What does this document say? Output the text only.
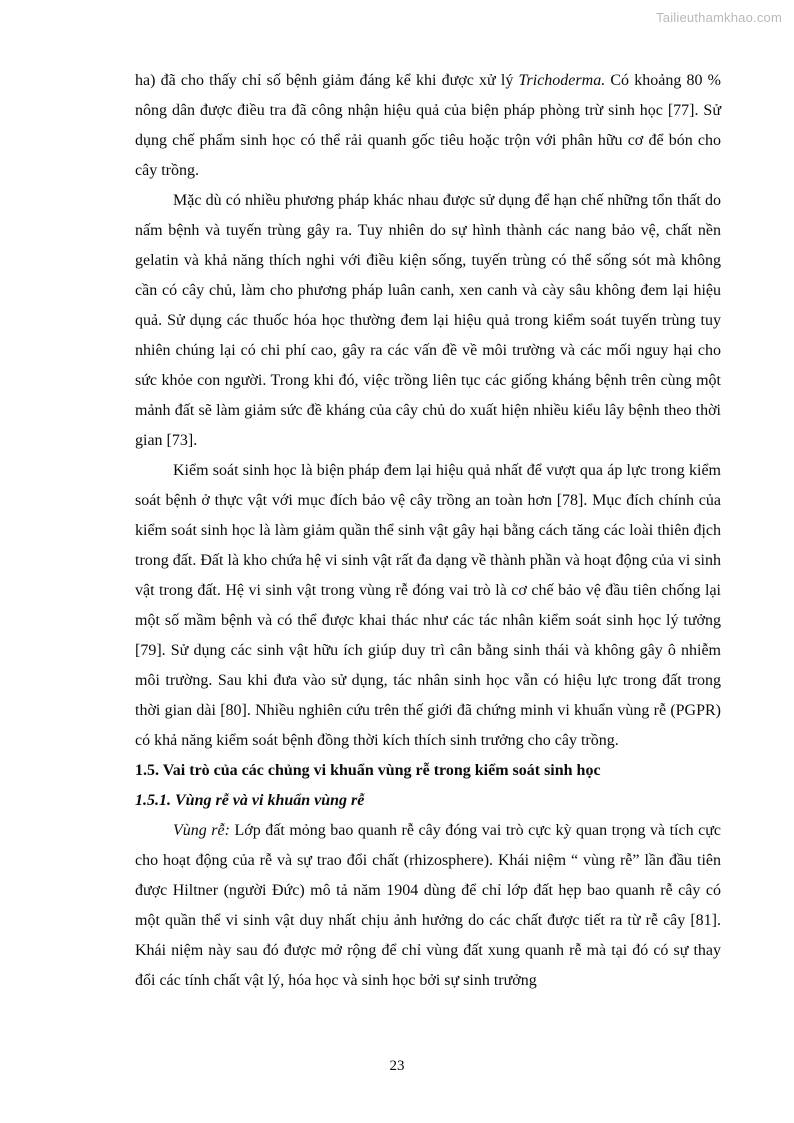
Tailieuthamkhao.com

ha) đã cho thấy chỉ số bệnh giảm đáng kể khi được xử lý Trichoderma. Có khoảng 80 % nông dân được điều tra đã công nhận hiệu quả của biện pháp phòng trừ sinh học [77]. Sử dụng chế phẩm sinh học có thể rải quanh gốc tiêu hoặc trộn với phân hữu cơ để bón cho cây trồng.

Mặc dù có nhiều phương pháp khác nhau được sử dụng để hạn chế những tổn thất do nấm bệnh và tuyến trùng gây ra. Tuy nhiên do sự hình thành các nang bảo vệ, chất nền gelatin và khả năng thích nghi với điều kiện sống, tuyến trùng có thể sống sót mà không cần có cây chủ, làm cho phương pháp luân canh, xen canh và cày sâu không đem lại hiệu quả. Sử dụng các thuốc hóa học thường đem lại hiệu quả trong kiểm soát tuyến trùng tuy nhiên chúng lại có chi phí cao, gây ra các vấn đề về môi trường và các mối nguy hại cho sức khỏe con người. Trong khi đó, việc trồng liên tục các giống kháng bệnh trên cùng một mảnh đất sẽ làm giảm sức đề kháng của cây chủ do xuất hiện nhiều kiểu lây bệnh theo thời gian [73].

Kiểm soát sinh học là biện pháp đem lại hiệu quả nhất để vượt qua áp lực trong kiểm soát bệnh ở thực vật với mục đích bảo vệ cây trồng an toàn hơn [78]. Mục đích chính của kiểm soát sinh học là làm giảm quần thể sinh vật gây hại bằng cách tăng các loài thiên địch trong đất. Đất là kho chứa hệ vi sinh vật rất đa dạng về thành phần và hoạt động của vi sinh vật trong đất. Hệ vi sinh vật trong vùng rễ đóng vai trò là cơ chế bảo vệ đầu tiên chống lại một số mầm bệnh và có thể được khai thác như các tác nhân kiểm soát sinh học lý tưởng [79]. Sử dụng các sinh vật hữu ích giúp duy trì cân bằng sinh thái và không gây ô nhiễm môi trường. Sau khi đưa vào sử dụng, tác nhân sinh học vẫn có hiệu lực trong đất trong thời gian dài [80]. Nhiều nghiên cứu trên thế giới đã chứng minh vi khuẩn vùng rễ (PGPR) có khả năng kiểm soát bệnh đồng thời kích thích sinh trưởng cho cây trồng.

1.5. Vai trò của các chủng vi khuẩn vùng rễ trong kiểm soát sinh học
1.5.1. Vùng rễ và vi khuẩn vùng rễ

Vùng rễ: Lớp đất mỏng bao quanh rễ cây đóng vai trò cực kỳ quan trọng và tích cực cho hoạt động của rễ và sự trao đổi chất (rhizosphere). Khái niệm “ vùng rễ” lần đầu tiên được Hiltner (người Đức) mô tả năm 1904 dùng để chỉ lớp đất hẹp bao quanh rễ cây có một quần thể vi sinh vật duy nhất chịu ảnh hưởng do các chất được tiết ra từ rễ cây [81]. Khái niệm này sau đó được mở rộng để chỉ vùng đất xung quanh rễ mà tại đó có sự thay đổi các tính chất vật lý, hóa học và sinh học bởi sự sinh trưởng

23
